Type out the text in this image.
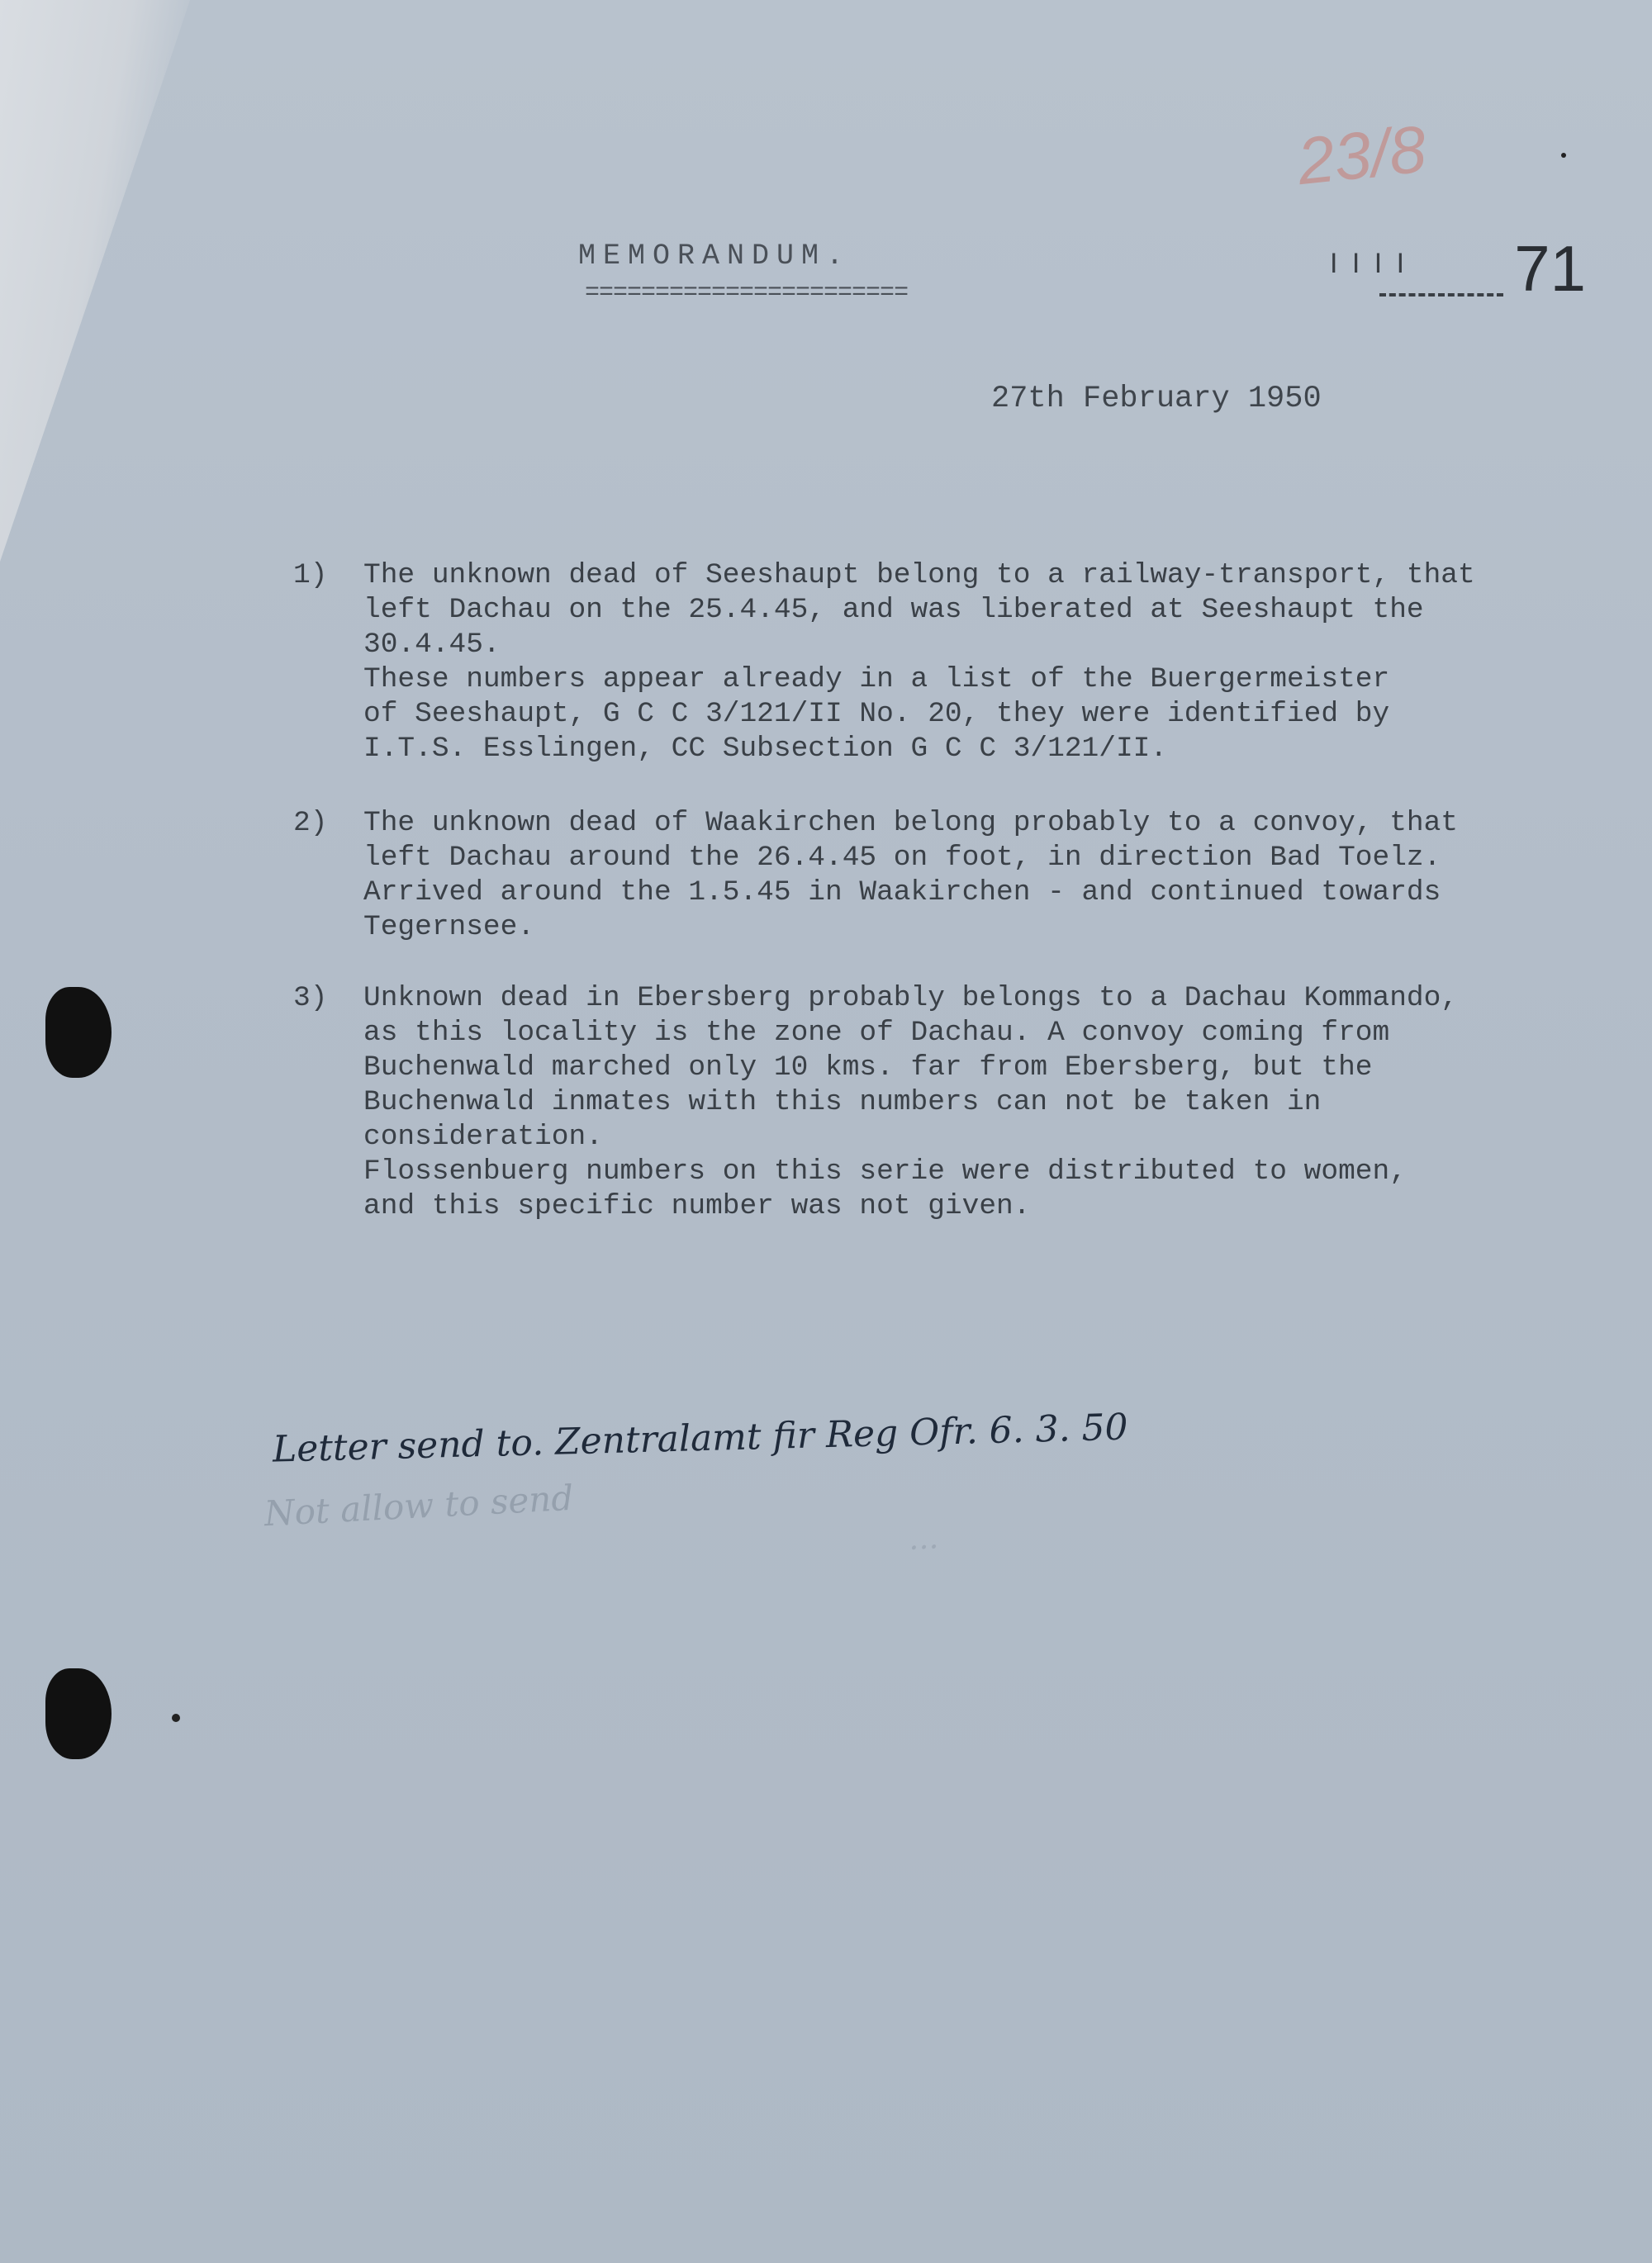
23/8
I I I I	71
MEMORANDUM.
=======================
27th February 1950
1)	The unknown dead of Seeshaupt belong to a railway-transport, that
left Dachau on the 25.4.45, and was liberated at Seeshaupt the
30.4.45.
These numbers appear already in a list of the Buergermeister
of Seeshaupt, G C C 3/121/II No. 20, they were identified by
I.T.S. Esslingen, CC Subsection G C C 3/121/II.
2)	The unknown dead of Waakirchen belong probably to a convoy, that
left Dachau around the 26.4.45 on foot, in direction Bad Toelz.
Arrived around the 1.5.45 in Waakirchen - and continued towards
Tegernsee.
3)	Unknown dead in Ebersberg probably belongs to a Dachau Kommando,
as this locality is the zone of Dachau. A convoy coming from
Buchenwald marched only 10 kms. far from Ebersberg, but the
Buchenwald inmates with this numbers can not be taken in
consideration.
Flossenbuerg numbers on this serie were distributed to women,
and this specific number was not given.
Letter send to. Zentralamt fir Reg Ofr. 6. 3. 50
Not allow to send
...
